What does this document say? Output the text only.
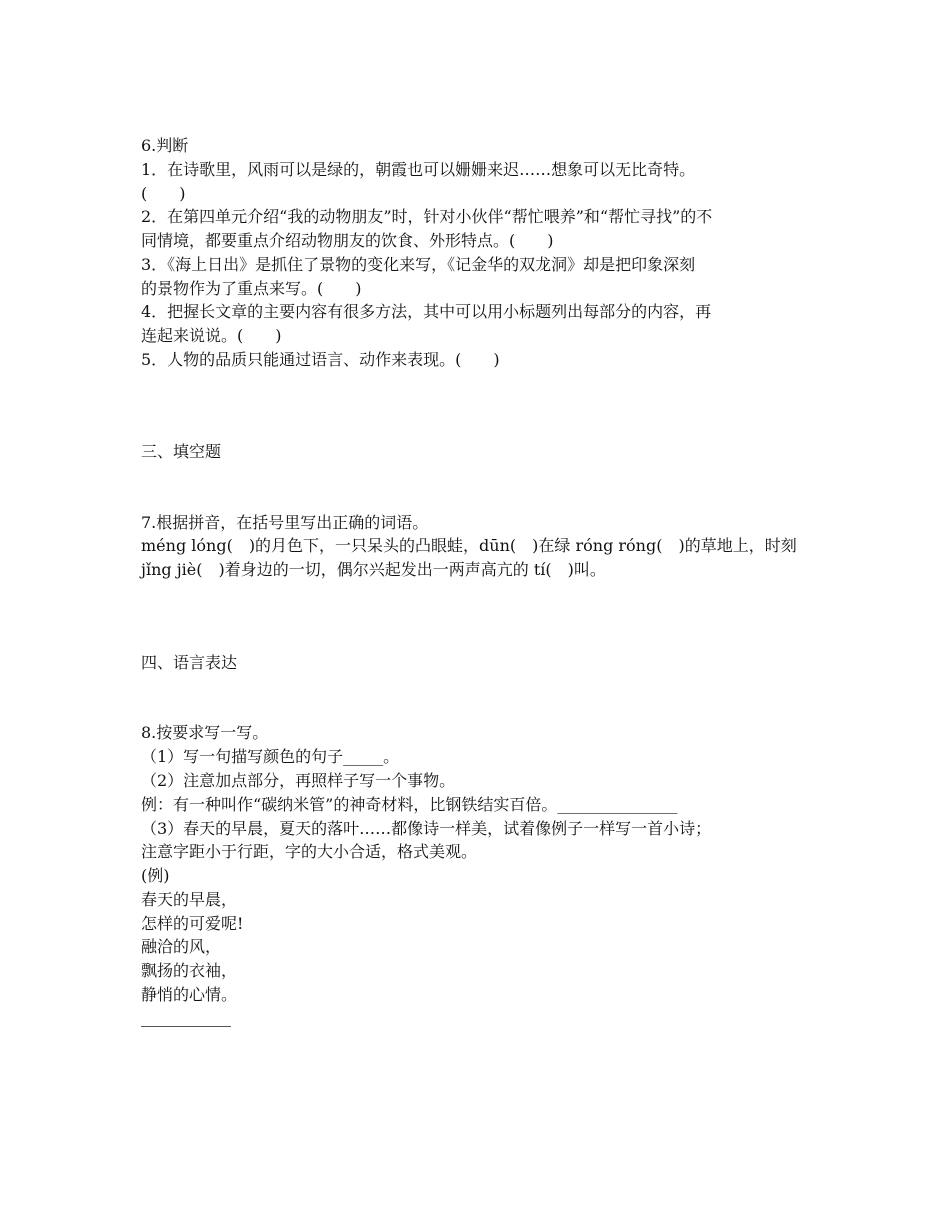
6.判断
1．在诗歌里，风雨可以是绿的，朝霞也可以姗姗来迟……想象可以无比奇特。
(　　)
2．在第四单元介绍“我的动物朋友”时，针对小伙伴“帮忙喂养”和“帮忙寻找”的不
同情境，都要重点介绍动物朋友的饮食、外形特点。(　　)
3．《海上日出》是抓住了景物的变化来写，《记金华的双龙洞》却是把印象深刻
的景物作为了重点来写。(　　)
4．把握长文章的主要内容有很多方法，其中可以用小标题列出每部分的内容，再
连起来说说。(　　)
5．人物的品质只能通过语言、动作来表现。(　　)
三、填空题
7.根据拼音，在括号里写出正确的词语。
méng lóng(　)的月色下，一只呆头的凸眼蛙，dūn(　)在绿 róng róng(　)的草地上，时刻
jǐng jiè(　)着身边的一切，偶尔兴起发出一两声高亢的 tí(　)叫。
四、语言表达
8.按要求写一写。
（1）写一句描写颜色的句子_____。
（2）注意加点部分，再照样子写一个事物。
例：有一种叫作“碳纳米管”的神奇材料，比钢铁结实百倍。_______________
（3）春天的早晨，夏天的落叶……都像诗一样美，试着像例子一样写一首小诗；
注意字距小于行距，字的大小合适，格式美观。
(例)
春天的早晨，
怎样的可爱呢!
融洽的风，
飘扬的衣袖，
静悄的心情。
